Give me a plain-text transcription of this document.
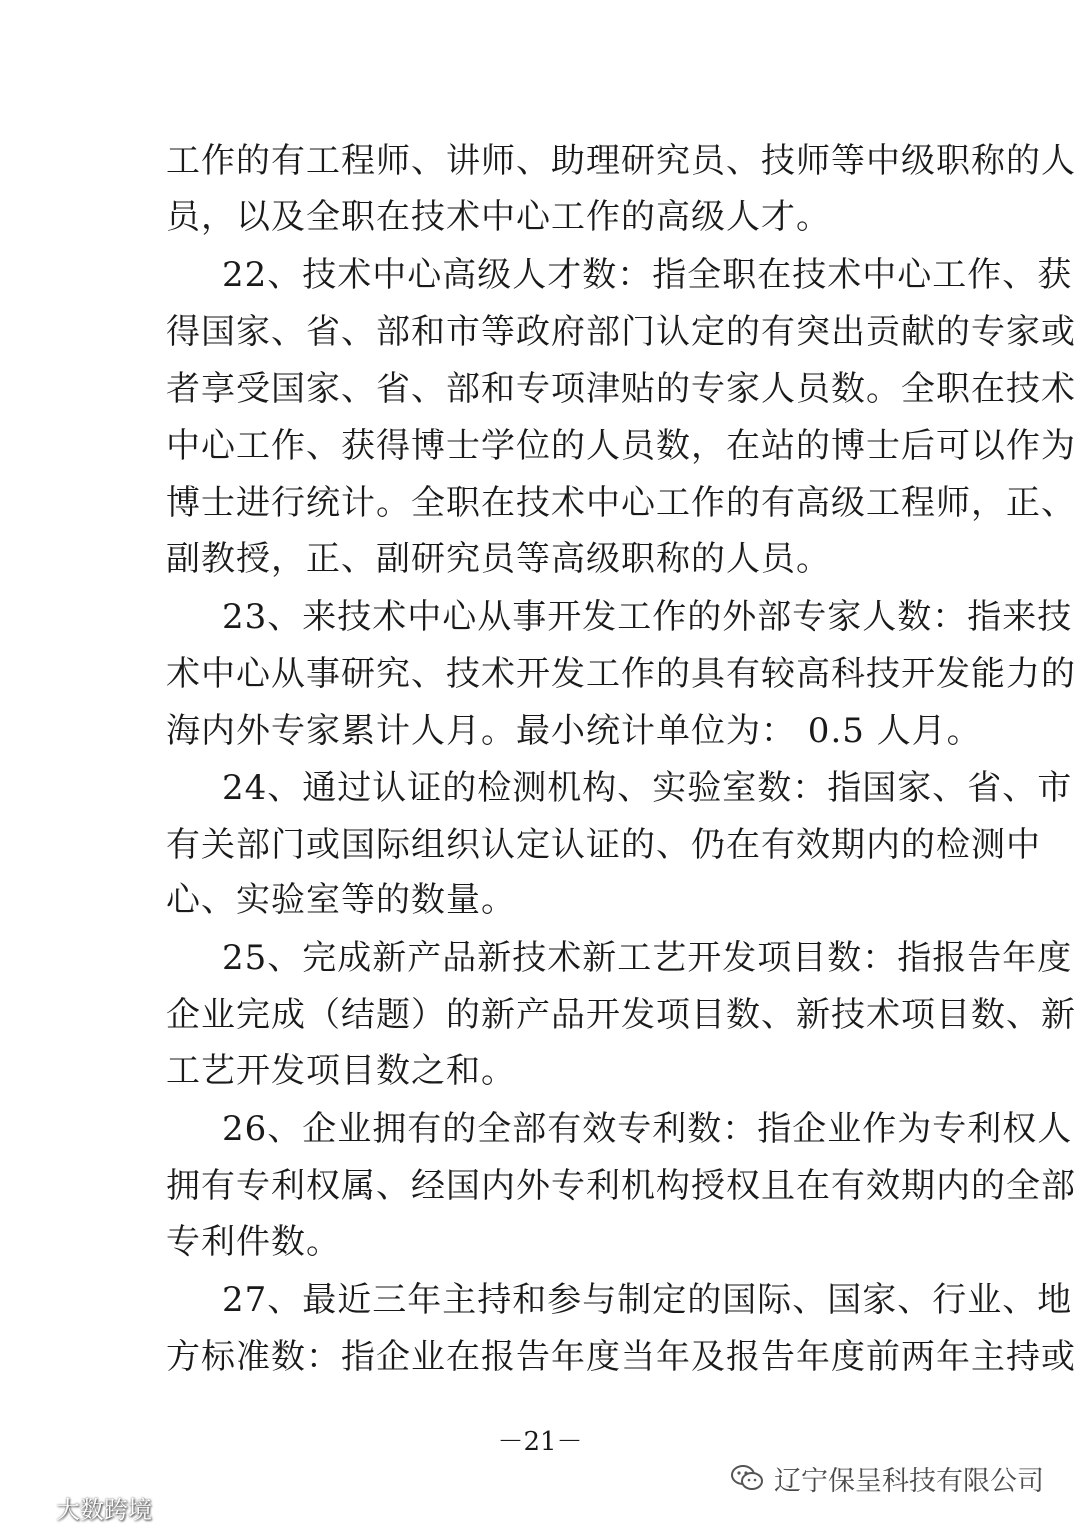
工作的有工程师、讲师、助理研究员、技师等中级职称的人
员，以及全职在技术中心工作的高级人才。
22、技术中心高级人才数：指全职在技术中心工作、获
得国家、省、部和市等政府部门认定的有突出贡献的专家或
者享受国家、省、部和专项津贴的专家人员数。全职在技术
中心工作、获得博士学位的人员数，在站的博士后可以作为
博士进行统计。全职在技术中心工作的有高级工程师，正、
副教授，正、副研究员等高级职称的人员。
23、来技术中心从事开发工作的外部专家人数：指来技
术中心从事研究、技术开发工作的具有较高科技开发能力的
海内外专家累计人月。最小统计单位为： 0.5 人月。
24、通过认证的检测机构、实验室数：指国家、省、市
有关部门或国际组织认定认证的、仍在有效期内的检测中
心、实验室等的数量。
25、完成新产品新技术新工艺开发项目数：指报告年度
企业完成（结题）的新产品开发项目数、新技术项目数、新
工艺开发项目数之和。
26、企业拥有的全部有效专利数：指企业作为专利权人
拥有专利权属、经国内外专利机构授权且在有效期内的全部
专利件数。
27、最近三年主持和参与制定的国际、国家、行业、地
方标准数：指企业在报告年度当年及报告年度前两年主持或
－21－
辽宁保呈科技有限公司
大数跨境
